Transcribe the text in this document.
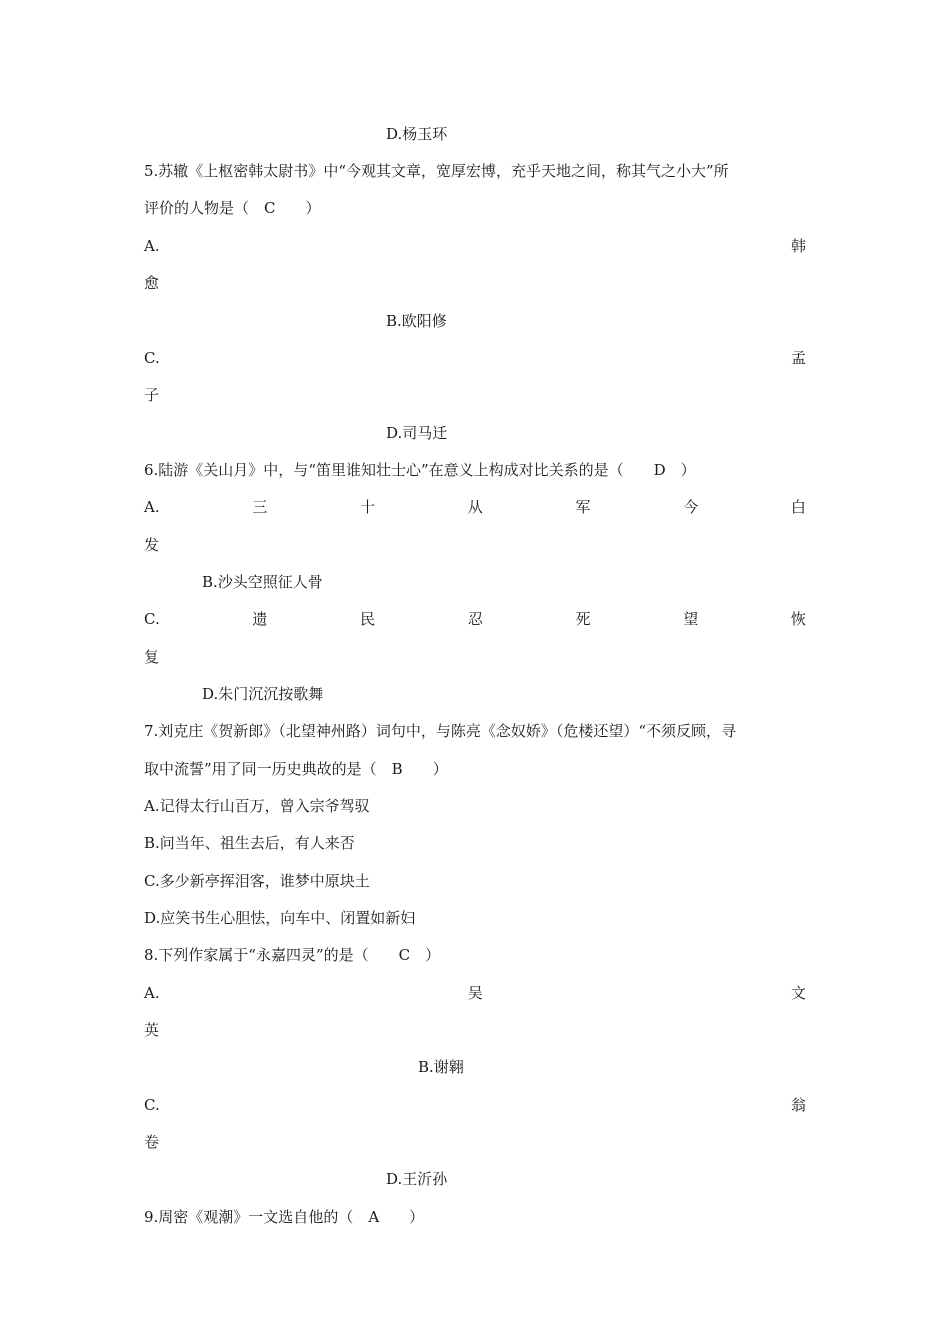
D.杨玉环
5.苏辙《上枢密韩太尉书》中“今观其文章，宽厚宏博，充乎天地之间，称其气之小大”所
评价的人物是（　C　　）
A.	韩
愈
B.欧阳修
C.	孟
子
D.司马迁
6.陆游《关山月》中，与“笛里谁知壮士心”在意义上构成对比关系的是（　　D　）
A.	三	十	从	军	今	白
发
B.沙头空照征人骨
C.	遗	民	忍	死	望	恢
复
D.朱门沉沉按歌舞
7.刘克庄《贺新郎》（北望神州路）词句中，与陈亮《念奴娇》（危楼还望）“不须反顾，寻
取中流誓”用了同一历史典故的是（　B　　）
A.记得太行山百万，曾入宗爷驾驭
B.问当年、祖生去后，有人来否
C.多少新亭挥泪客，谁梦中原块土
D.应笑书生心胆怯，向车中、闭置如新妇
8.下列作家属于“永嘉四灵”的是（　　C　）
A.	吴	文
英
B.谢翱
C.	翁
卷
D.王沂孙
9.周密《观潮》一文选自他的（　A　　）
